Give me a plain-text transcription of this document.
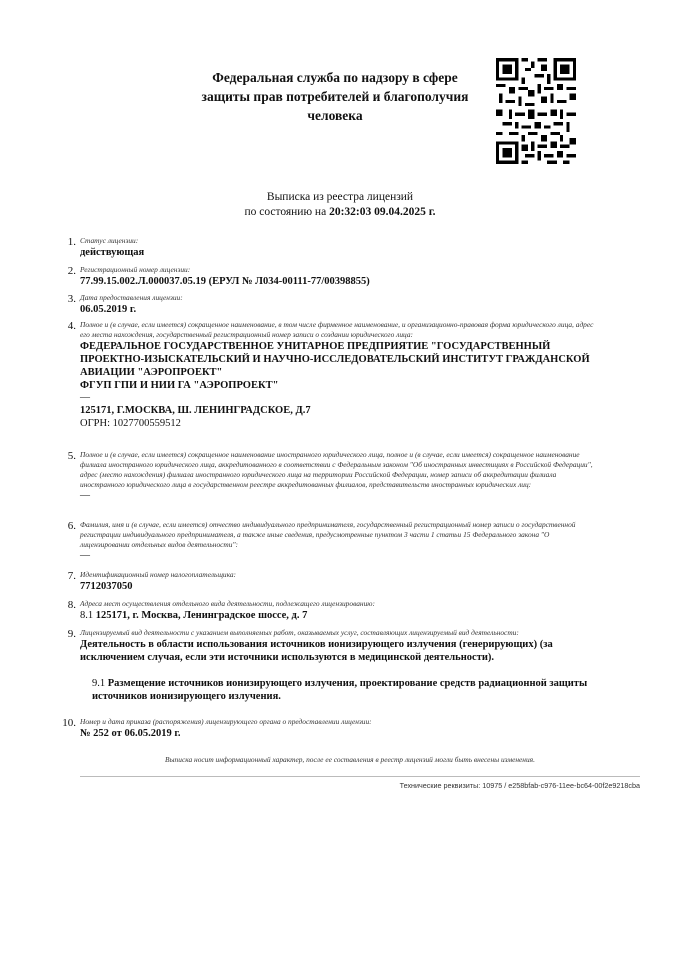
Федеральная служба по надзору в сфере защиты прав потребителей и благополучия человека
Выписка из реестра лицензий
по состоянию на 20:32:03 09.04.2025 г.
1. Статус лицензии:
действующая
2. Регистрационный номер лицензии:
77.99.15.002.Л.000037.05.19 (ЕРУЛ № Л034-00111-77/00398855)
3. Дата предоставления лицензии:
06.05.2019 г.
4. Полное и (в случае, если имеется) сокращенное наименование, в том числе фирменное наименование, и организационно-правовая форма юридического лица, адрес его места нахождения, государственный регистрационный номер записи о создании юридического лица:
ФЕДЕРАЛЬНОЕ ГОСУДАРСТВЕННОЕ УНИТАРНОЕ ПРЕДПРИЯТИЕ "ГОСУДАРСТВЕННЫЙ ПРОЕКТНО-ИЗЫСКАТЕЛЬСКИЙ И НАУЧНО-ИССЛЕДОВАТЕЛЬСКИЙ ИНСТИТУТ ГРАЖДАНСКОЙ АВИАЦИИ "АЭРОПРОЕКТ"
ФГУП ГПИ И НИИ ГА "АЭРОПРОЕКТ"
—
125171, Г.МОСКВА, Ш. ЛЕНИНГРАДСКОЕ, Д.7
ОГРН: 1027700559512
5. Полное и (в случае, если имеется) сокращенное наименование иностранного юридического лица, полное и (в случае, если имеется) сокращенное наименование филиала иностранного юридического лица, аккредитованного в соответствии с Федеральным законом "Об иностранных инвестициях в Российской Федерации", адрес (место нахождения) филиала иностранного юридического лица на территории Российской Федерации, номер записи об аккредитации филиала иностранного юридического лица в государственном реестре аккредитованных филиалов, представительств иностранных юридических лиц:
—
6. Фамилия, имя и (в случае, если имеется) отчество индивидуального предпринимателя, государственный регистрационный номер записи о государственной регистрации индивидуального предпринимателя, а также иные сведения, предусмотренные пунктом 3 части 1 статьи 15 Федерального закона "О лицензировании отдельных видов деятельности":
—
7. Идентификационный номер налогоплательщика:
7712037050
8. Адреса мест осуществления отдельного вида деятельности, подлежащего лицензированию:
8.1 125171, г. Москва, Ленинградское шоссе, д. 7
9. Лицензируемый вид деятельности с указанием выполняемых работ, оказываемых услуг, составляющих лицензируемый вид деятельности:
Деятельность в области использования источников ионизирующего излучения (генерирующих) (за исключением случая, если эти источники используются в медицинской деятельности).
9.1 Размещение источников ионизирующего излучения, проектирование средств радиационной защиты источников ионизирующего излучения.
10. Номер и дата приказа (распоряжения) лицензирующего органа о предоставлении лицензии:
№ 252 от 06.05.2019 г.
Выписка носит информационный характер, после ее составления в реестр лицензий могли быть внесены изменения.
Технические реквизиты: 10975 / e258bfab-c976-11ee-bc64-00f2e9218cba
